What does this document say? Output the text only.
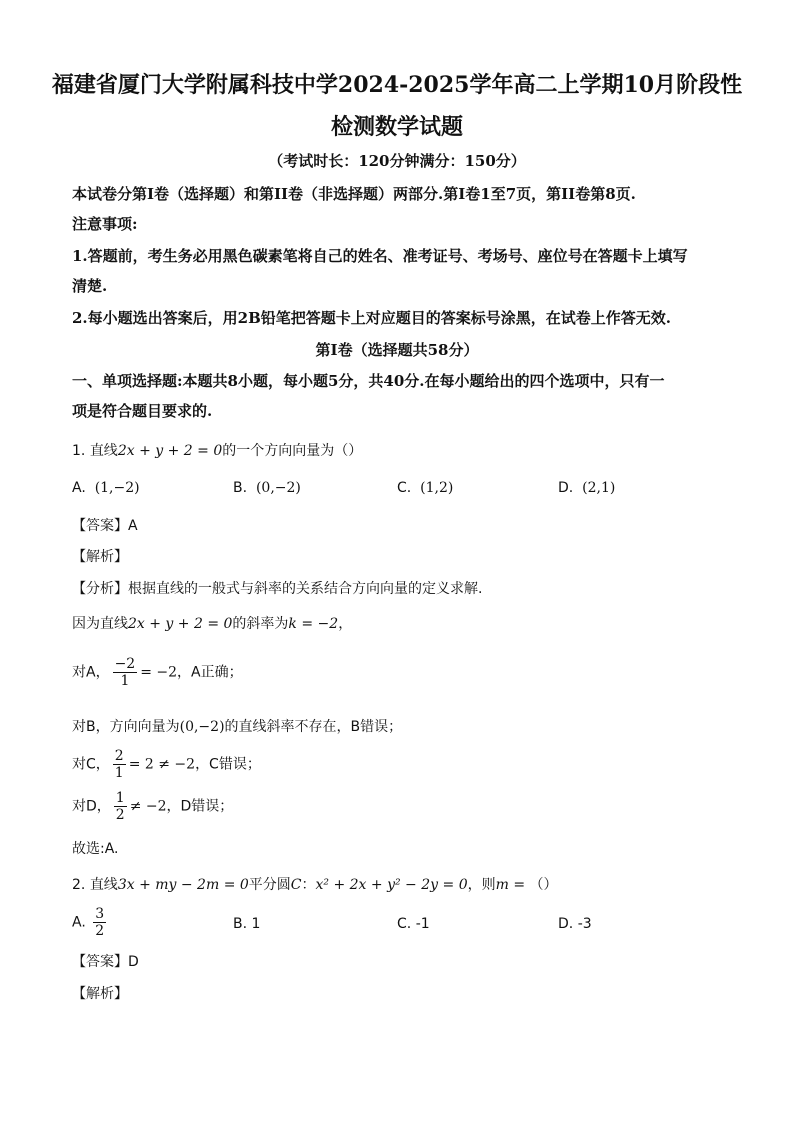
福建省厦门大学附属科技中学2024-2025学年高二上学期10月阶段性
检测数学试题
（考试时长：120分钟满分：150分）
本试卷分第I卷（选择题）和第II卷（非选择题）两部分.第I卷1至7页，第II卷第8页.
注意事项:
1.答题前，考生务必用黑色碳素笔将自己的姓名、准考证号、考场号、座位号在答题卡上填写
清楚.
2.每小题选出答案后，用2B铅笔把答题卡上对应题目的答案标号涂黑，在试卷上作答无效.
第I卷（选择题共58分）
一、单项选择题:本题共8小题，每小题5分，共40分.在每小题给出的四个选项中，只有一
项是符合题目要求的.
1. 直线2x + y + 2 = 0的一个方向向量为（）
A. (1,−2)	B. (0,−2)	C. (1,2)	D. (2,1)
【答案】A
【解析】
【分析】根据直线的一般式与斜率的关系结合方向向量的定义求解.
因为直线2x + y + 2 = 0的斜率为k = −2，
对A， $\frac{-2}{1} = -2$，A正确；
对B，方向向量为(0,−2)的直线斜率不存在，B错误；
对C， $\frac{2}{1} = 2 \ne -2$，C错误；
对D， $\frac{1}{2} \ne -2$，D错误；
故选:A.
2. 直线3x + my − 2m = 0平分圆C：x² + 2x + y² − 2y = 0，则m = （）
A. $\frac{3}{2}$	B. 1	C. -1	D. -3
【答案】D
【解析】
